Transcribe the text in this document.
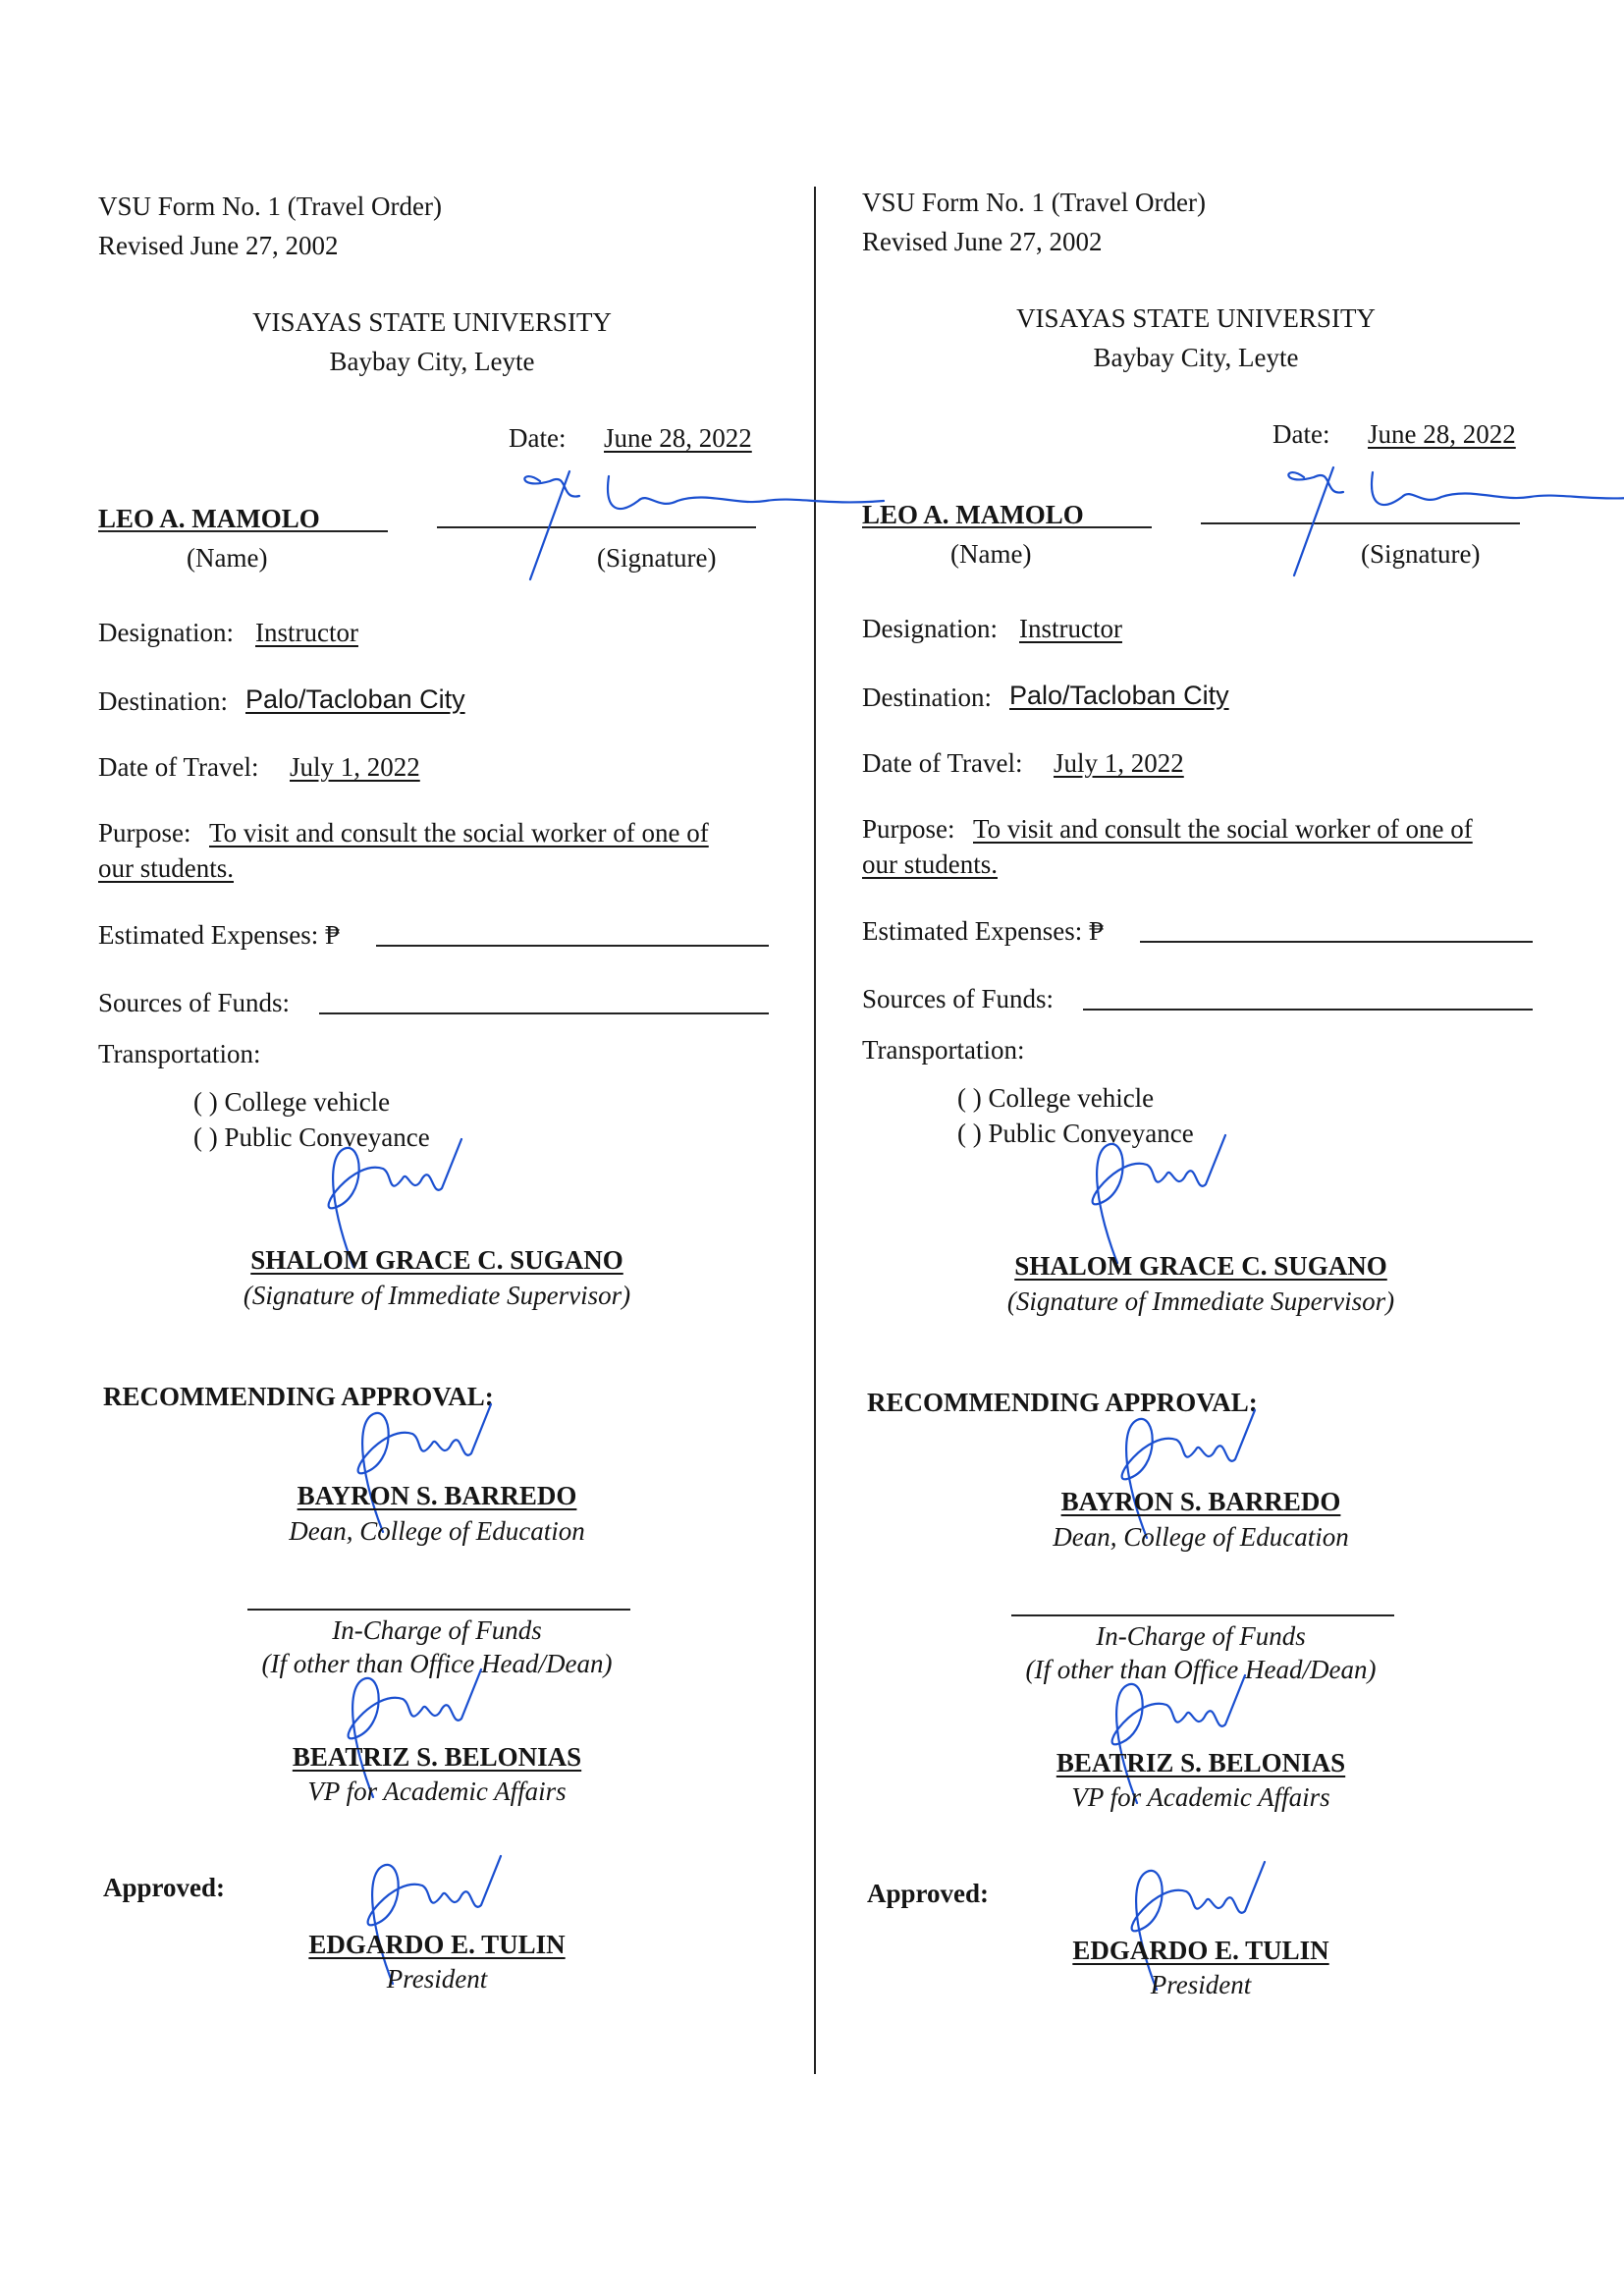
VSU Form No. 1 (Travel Order)
Revised June 27, 2002
VISAYAS STATE UNIVERSITY
Baybay City, Leyte
Date: June 28, 2022
LEO A. MAMOLO
(Name)	(Signature)
Designation: Instructor
Destination: Palo/Tacloban City
Date of Travel: July 1, 2022
Purpose: To visit and consult the social worker of one of
our students.
Estimated Expenses: ₱
Sources of Funds:
Transportation:
( ) College vehicle
( ) Public Conveyance
SHALOM GRACE C. SUGANO
(Signature of Immediate Supervisor)
RECOMMENDING APPROVAL:
BAYRON S. BARREDO
Dean, College of Education
In-Charge of Funds
(If other than Office Head/Dean)
BEATRIZ S. BELONIAS
VP for Academic Affairs
Approved:
EDGARDO E. TULIN
President
VSU Form No. 1 (Travel Order)
Revised June 27, 2002
VISAYAS STATE UNIVERSITY
Baybay City, Leyte
Date: June 28, 2022
LEO A. MAMOLO
(Name)	(Signature)
Designation: Instructor
Destination: Palo/Tacloban City
Date of Travel: July 1, 2022
Purpose: To visit and consult the social worker of one of
our students.
Estimated Expenses: ₱
Sources of Funds:
Transportation:
( ) College vehicle
( ) Public Conveyance
SHALOM GRACE C. SUGANO
(Signature of Immediate Supervisor)
RECOMMENDING APPROVAL:
BAYRON S. BARREDO
Dean, College of Education
In-Charge of Funds
(If other than Office Head/Dean)
BEATRIZ S. BELONIAS
VP for Academic Affairs
Approved:
EDGARDO E. TULIN
President
